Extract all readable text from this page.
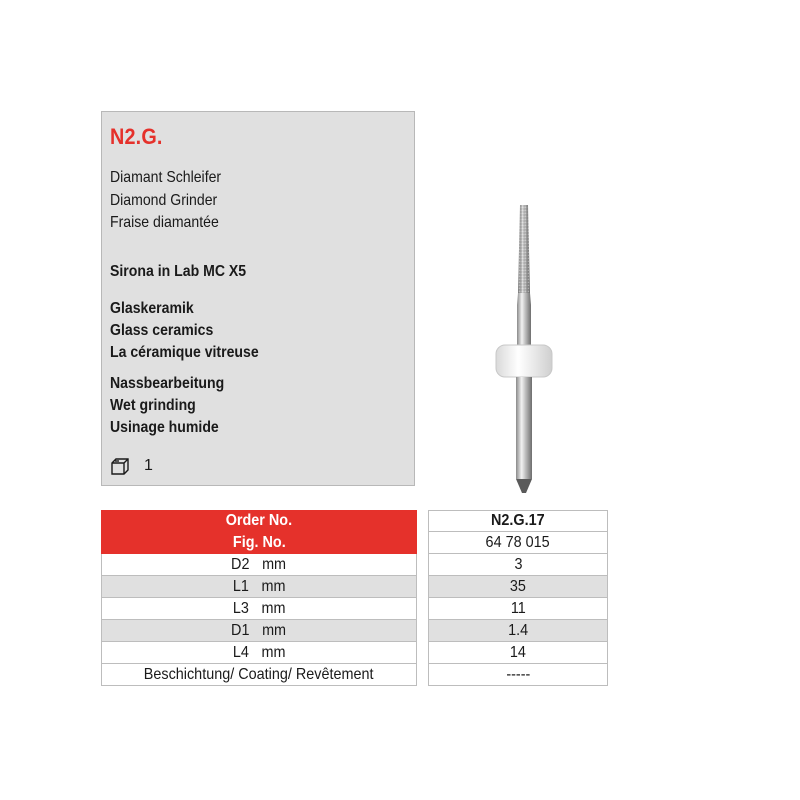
N2.G.
Diamant Schleifer
Diamond Grinder
Fraise diamantée
Sirona in Lab MC X5
Glaskeramik
Glass ceramics
La céramique vitreuse
Nassbearbeitung
Wet grinding
Usinage humide
1
Order No.		N2.G.17
Fig. No.		64 78 015
D2 mm		3
L1 mm		35
L3 mm		11
D1 mm		1.4
L4 mm		14
Beschichtung/ Coating/ Revêtement		-----
